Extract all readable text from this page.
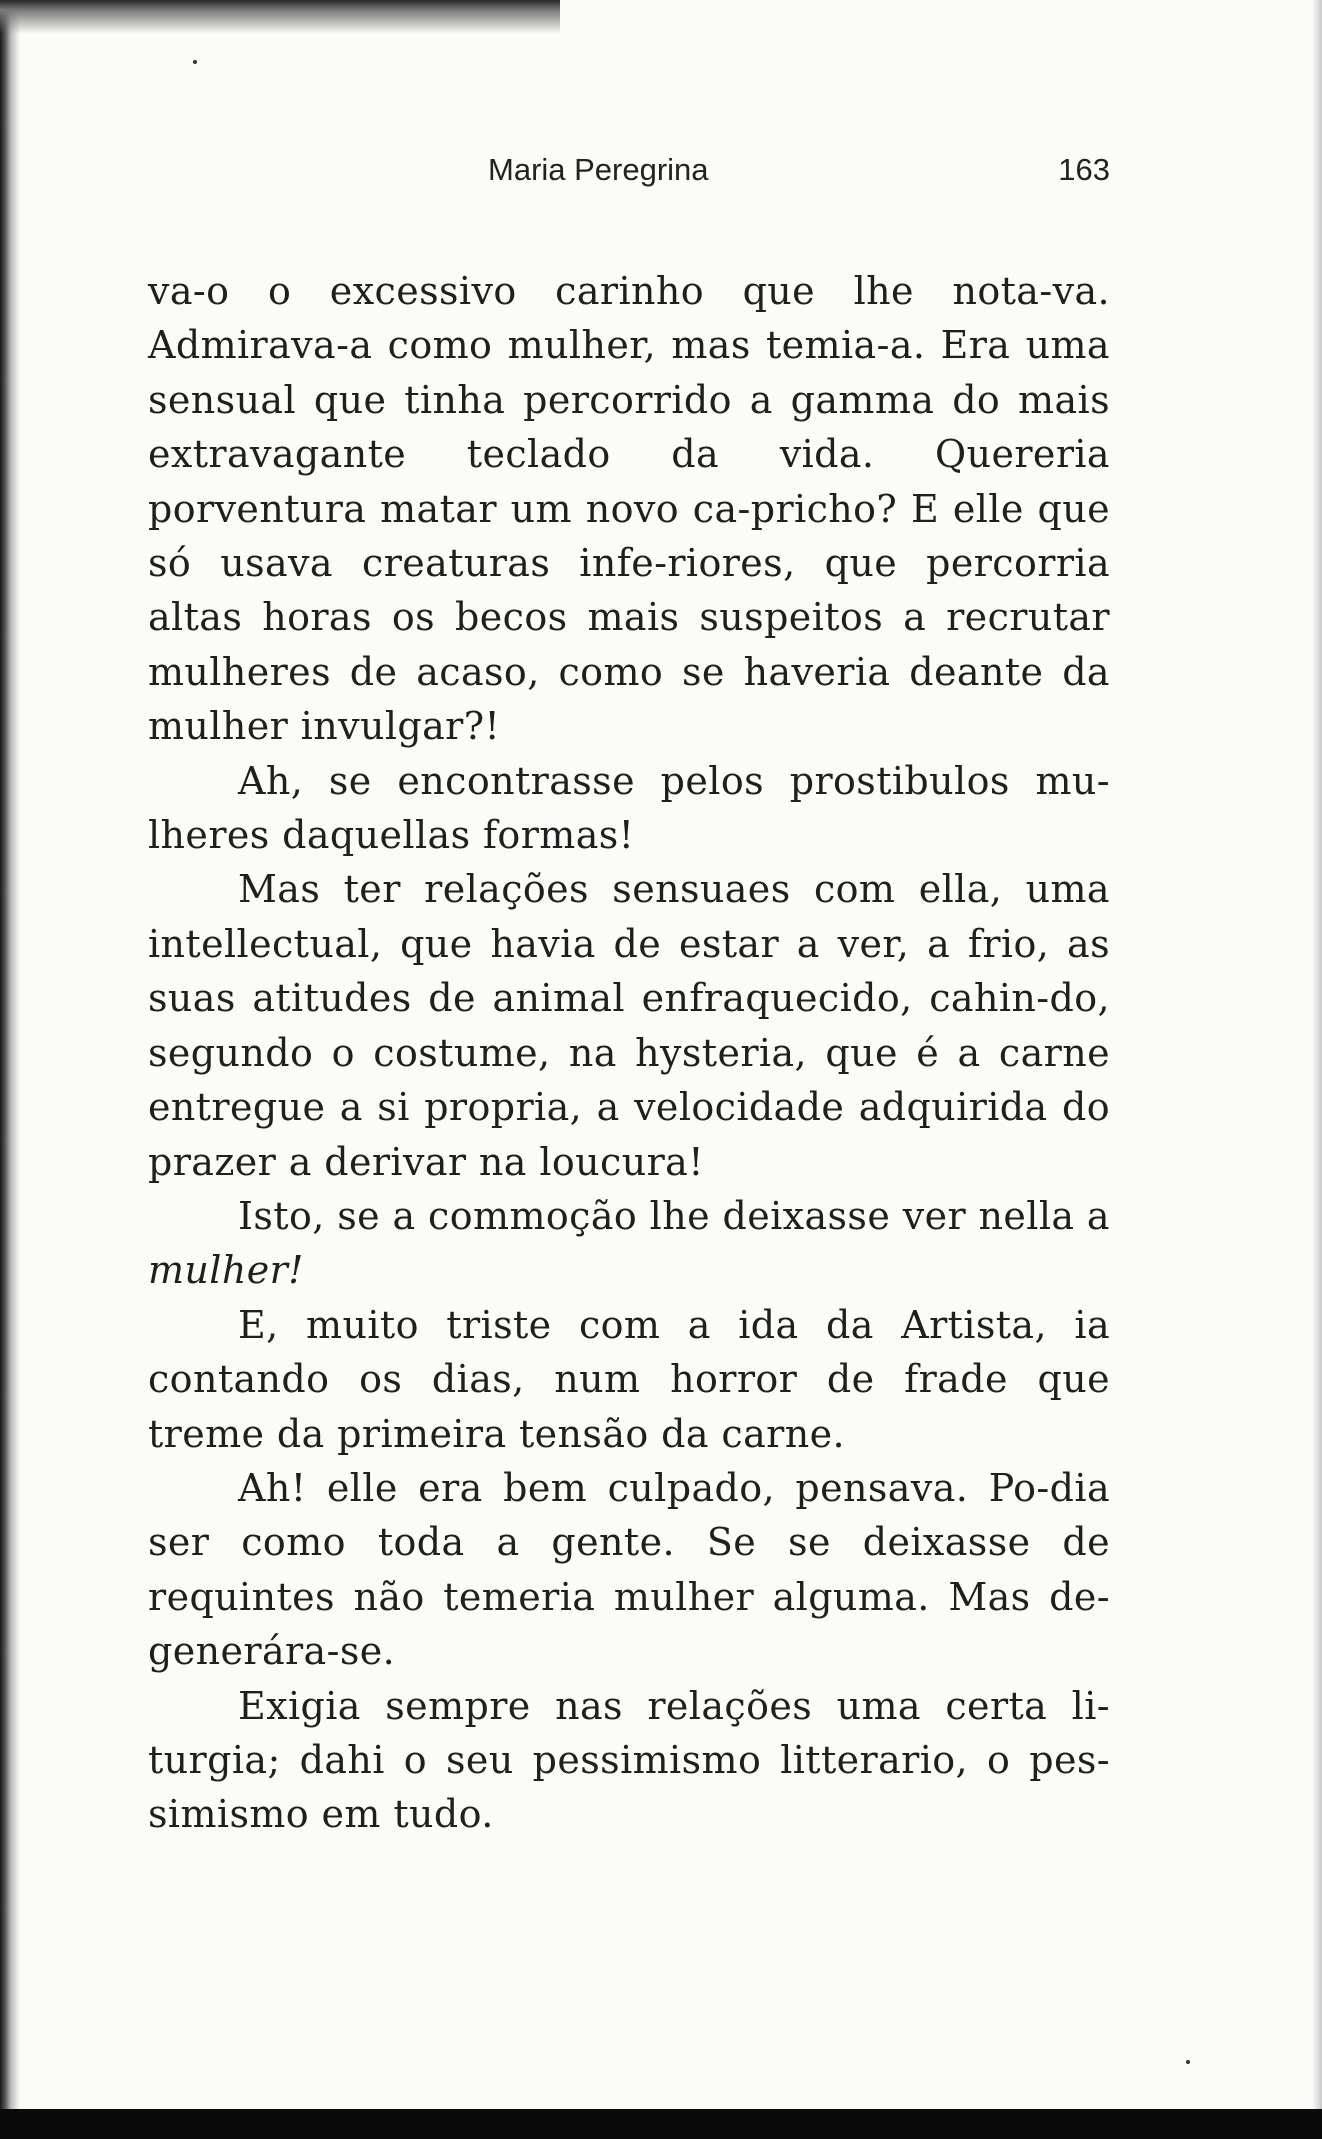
Maria Peregrina	163

va-o o excessivo carinho que lhe nota-va. Admirava-a como mulher, mas temia-a. Era uma sensual que tinha percorrido a gamma do mais extravagante teclado da vida. Quereria porventura matar um novo ca-pricho? E elle que só usava creaturas infe-riores, que percorria altas horas os becos mais suspeitos a recrutar mulheres de acaso, como se haveria deante da mulher invulgar?!

Ah, se encontrasse pelos prostibulos mu-lheres daquellas formas!

Mas ter relações sensuaes com ella, uma intellectual, que havia de estar a ver, a frio, as suas atitudes de animal enfraquecido, cahin-do, segundo o costume, na hysteria, que é a carne entregue a si propria, a velocidade adquirida do prazer a derivar na loucura!

Isto, se a commoção lhe deixasse ver nella a mulher!

E, muito triste com a ida da Artista, ia contando os dias, num horror de frade que treme da primeira tensão da carne.

Ah! elle era bem culpado, pensava. Po-dia ser como toda a gente. Se se deixasse de requintes não temeria mulher alguma. Mas de-generára-se.

Exigia sempre nas relações uma certa li-turgia; dahi o seu pessimismo litterario, o pes-simismo em tudo.
